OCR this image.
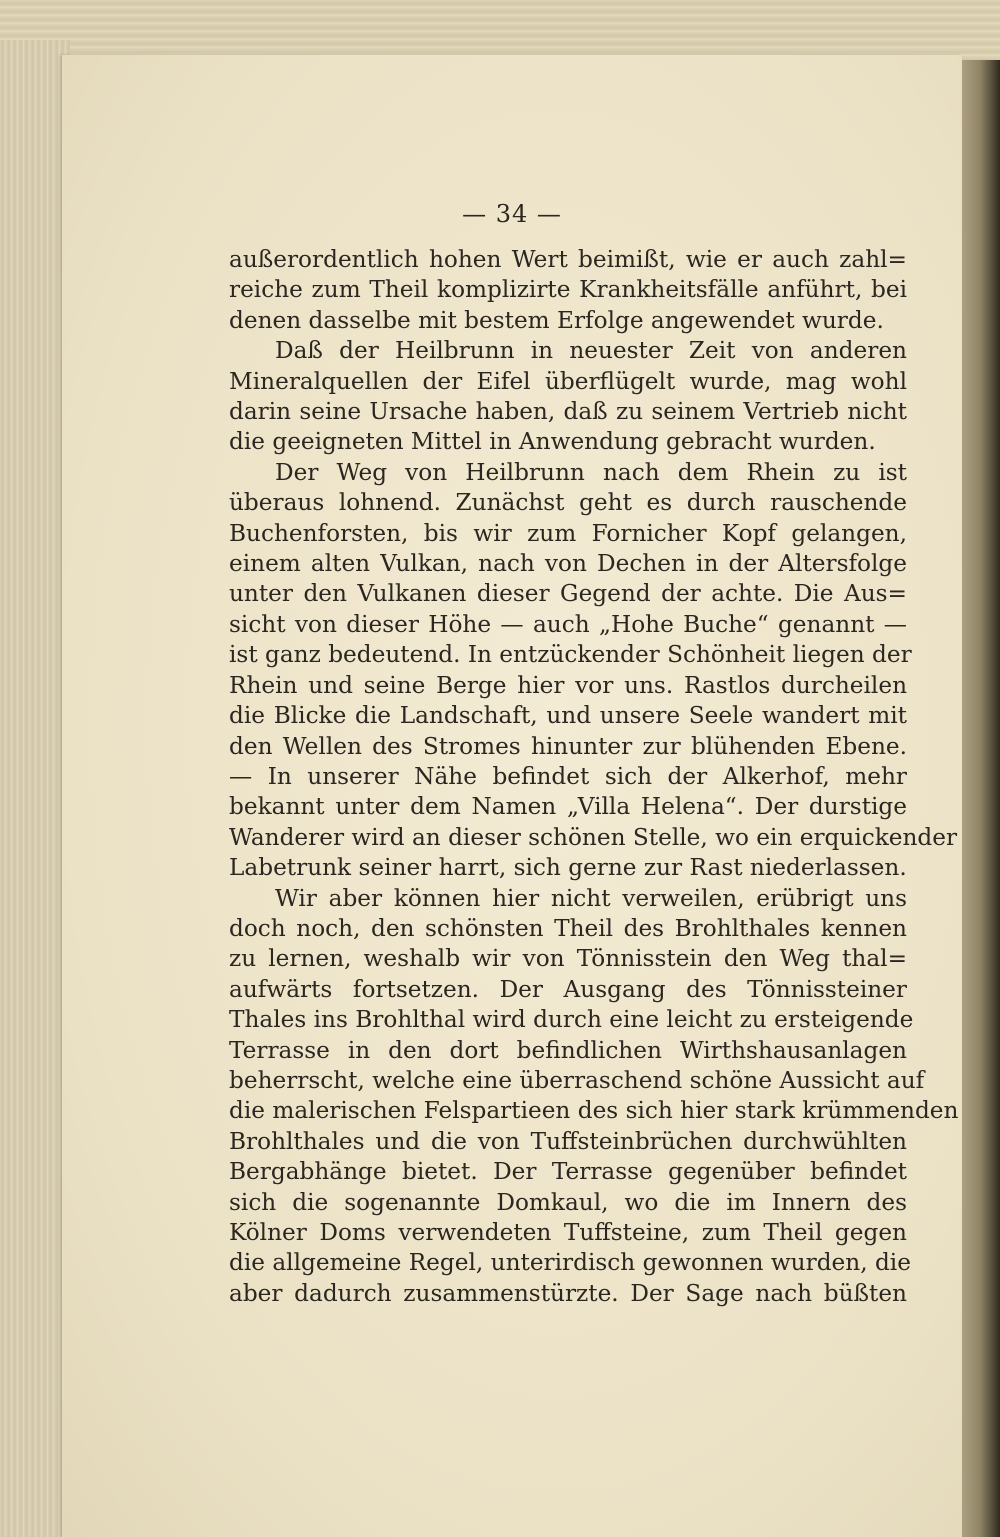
— 34 —
außerordentlich hohen Wert beimißt, wie er auch zahl=
reiche zum Theil komplizirte Krankheitsfälle anführt, bei
denen dasselbe mit bestem Erfolge angewendet wurde.
Daß der Heilbrunn in neuester Zeit von anderen
Mineralquellen der Eifel überflügelt wurde, mag wohl
darin seine Ursache haben, daß zu seinem Vertrieb nicht
die geeigneten Mittel in Anwendung gebracht wurden.
Der Weg von Heilbrunn nach dem Rhein zu ist
überaus lohnend. Zunächst geht es durch rauschende
Buchenforsten, bis wir zum Fornicher Kopf gelangen,
einem alten Vulkan, nach von Dechen in der Altersfolge
unter den Vulkanen dieser Gegend der achte. Die Aus=
sicht von dieser Höhe — auch „Hohe Buche“ genannt —
ist ganz bedeutend. In entzückender Schönheit liegen der
Rhein und seine Berge hier vor uns. Rastlos durcheilen
die Blicke die Landschaft, und unsere Seele wandert mit
den Wellen des Stromes hinunter zur blühenden Ebene.
— In unserer Nähe befindet sich der Alkerhof, mehr
bekannt unter dem Namen „Villa Helena“. Der durstige
Wanderer wird an dieser schönen Stelle, wo ein erquickender
Labetrunk seiner harrt, sich gerne zur Rast niederlassen.
Wir aber können hier nicht verweilen, erübrigt uns
doch noch, den schönsten Theil des Brohlthales kennen
zu lernen, weshalb wir von Tönnisstein den Weg thal=
aufwärts fortsetzen. Der Ausgang des Tönnissteiner
Thales ins Brohlthal wird durch eine leicht zu ersteigende
Terrasse in den dort befindlichen Wirthshausanlagen
beherrscht, welche eine überraschend schöne Aussicht auf
die malerischen Felspartieen des sich hier stark krümmenden
Brohlthales und die von Tuffsteinbrüchen durchwühlten
Bergabhänge bietet. Der Terrasse gegenüber befindet
sich die sogenannte Domkaul, wo die im Innern des
Kölner Doms verwendeten Tuffsteine, zum Theil gegen
die allgemeine Regel, unterirdisch gewonnen wurden, die
aber dadurch zusammenstürzte. Der Sage nach büßten
